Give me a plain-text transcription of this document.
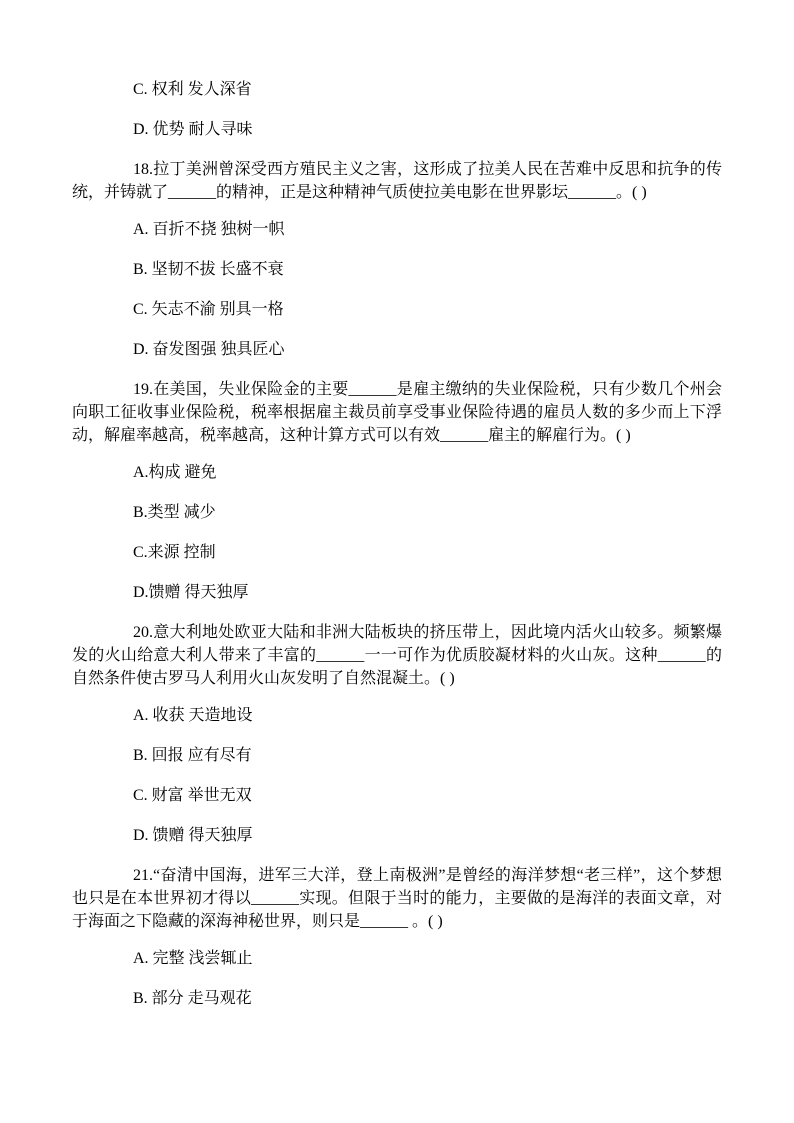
C. 权利 发人深省
D. 优势 耐人寻味
18.拉丁美洲曾深受西方殖民主义之害，这形成了拉美人民在苦难中反思和抗争的传统，并铸就了______的精神，正是这种精神气质使拉美电影在世界影坛______。( )
A. 百折不挠 独树一帜
B. 坚韧不拔 长盛不衰
C. 矢志不渝 别具一格
D. 奋发图强 独具匠心
19.在美国，失业保险金的主要______是雇主缴纳的失业保险税，只有少数几个州会向职工征收事业保险税，税率根据雇主裁员前享受事业保险待遇的雇员人数的多少而上下浮动，解雇率越高，税率越高，这种计算方式可以有效______雇主的解雇行为。( )
A.构成 避免
B.类型 减少
C.来源 控制
D.馈赠 得天独厚
20.意大利地处欧亚大陆和非洲大陆板块的挤压带上，因此境内活火山较多。频繁爆发的火山给意大利人带来了丰富的______一一可作为优质胶凝材料的火山灰。这种______的自然条件使古罗马人利用火山灰发明了自然混凝土。( )
A. 收获 天造地设
B. 回报 应有尽有
C. 财富 举世无双
D. 馈赠 得天独厚
21.“奋清中国海，进军三大洋，登上南极洲”是曾经的海洋梦想“老三样”，这个梦想也只是在本世界初才得以______实现。但限于当时的能力，主要做的是海洋的表面文章，对于海面之下隐藏的深海神秘世界，则只是______ 。( )
A. 完整 浅尝辄止
B. 部分 走马观花
